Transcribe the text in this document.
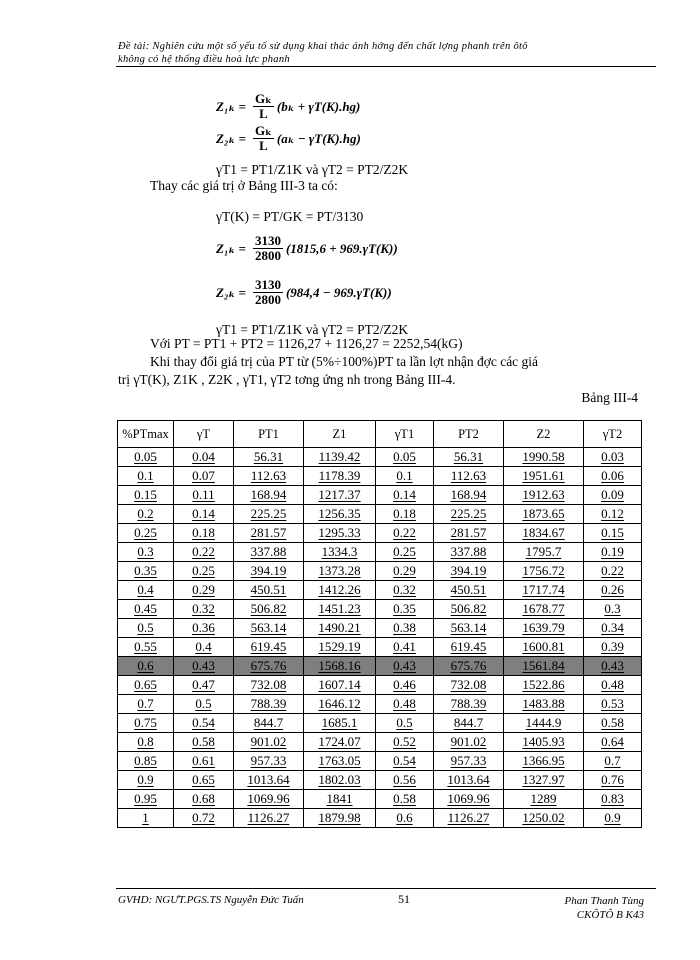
Đề tài: Nghiên cứu một số yếu tố sử dụng khai thác ảnh hởng đến chất lợng phanh trên ôtô
không có hệ thống điều hoà lực phanh
$Z_{1k} = \frac{\text{Gₖ}}{L} (b_k + \gamma T(K).hg)$
$Z_{2k} = \frac{\text{Gₖ}}{L} (a_k - \gamma T(K).hg)$
γT1 = PT1/Z1K và γT2 = PT2/Z2K
Thay các giá trị ở Bảng III-3 ta có:
γT(K) = PT/GK = PT/3130
$Z_{1k} = \frac{3130}{2800} (1815,6 + 969.\gamma T(K))$
$Z_{2k} = \frac{3130}{2800} (984,4 - 969.\gamma T(K))$
γT1 = PT1/Z1K và γT2 = PT2/Z2K
Với PT = PT1 + PT2 = 1126,27 + 1126,27 = 2252,54(kG)
Khi thay đổi giá trị của PT từ (5%÷100%)PT ta lần lợt nhận đợc các giá
trị γT(K), Z1K , Z2K , γT1, γT2 tơng ứng nh trong Bảng III-4.
Bảng III-4
%PTmax	γT	PT1	Z1	γT1	PT2	Z2	γT2
0.05	0.04	56.31	1139.42	0.05	56.31	1990.58	0.03
0.1	0.07	112.63	1178.39	0.1	112.63	1951.61	0.06
0.15	0.11	168.94	1217.37	0.14	168.94	1912.63	0.09
0.2	0.14	225.25	1256.35	0.18	225.25	1873.65	0.12
0.25	0.18	281.57	1295.33	0.22	281.57	1834.67	0.15
0.3	0.22	337.88	1334.3	0.25	337.88	1795.7	0.19
0.35	0.25	394.19	1373.28	0.29	394.19	1756.72	0.22
0.4	0.29	450.51	1412.26	0.32	450.51	1717.74	0.26
0.45	0.32	506.82	1451.23	0.35	506.82	1678.77	0.3
0.5	0.36	563.14	1490.21	0.38	563.14	1639.79	0.34
0.55	0.4	619.45	1529.19	0.41	619.45	1600.81	0.39
0.6	0.43	675.76	1568.16	0.43	675.76	1561.84	0.43
0.65	0.47	732.08	1607.14	0.46	732.08	1522.86	0.48
0.7	0.5	788.39	1646.12	0.48	788.39	1483.88	0.53
0.75	0.54	844.7	1685.1	0.5	844.7	1444.9	0.58
0.8	0.58	901.02	1724.07	0.52	901.02	1405.93	0.64
0.85	0.61	957.33	1763.05	0.54	957.33	1366.95	0.7
0.9	0.65	1013.64	1802.03	0.56	1013.64	1327.97	0.76
0.95	0.68	1069.96	1841	0.58	1069.96	1289	0.83
1	0.72	1126.27	1879.98	0.6	1126.27	1250.02	0.9
GVHD: NGƯT.PGS.TS Nguyễn Đức Tuấn	51	Phan Thanh Tùng
CKÔTÔ B K43
